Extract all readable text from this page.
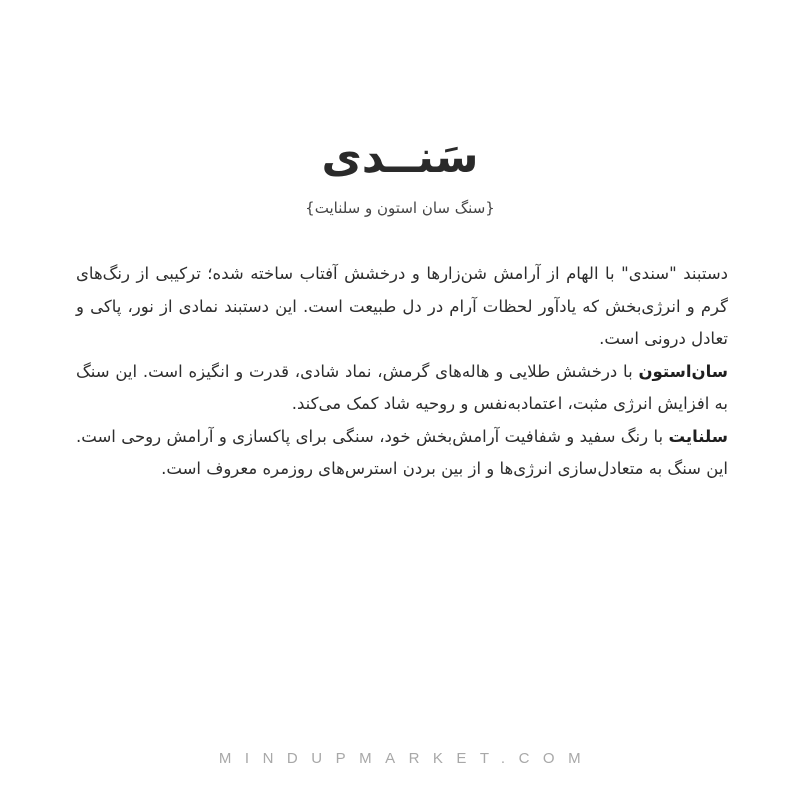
سَنــدی
{سنگ سان استون و سلنایت}

دستبند "سندی" با الهام از آرامش شن‌زارها و درخشش آفتاب ساخته شده؛ ترکیبی از رنگ‌های گرم و انرژی‌بخش که یادآور لحظات آرام در دل طبیعت است. این دستبند نمادی از نور، پاکی و تعادل درونی است.

سان‌استون با درخشش طلایی و هاله‌های گرمش، نماد شادی، قدرت و انگیزه است. این سنگ به افزایش انرژی مثبت، اعتمادبه‌نفس و روحیه شاد کمک می‌کند.

سلنایت با رنگ سفید و شفافیت آرامش‌بخش خود، سنگی برای پاکسازی و آرامش روحی است. این سنگ به متعادل‌سازی انرژی‌ها و از بین بردن استرس‌های روزمره معروف است.

MINDUPMARKET.COM
